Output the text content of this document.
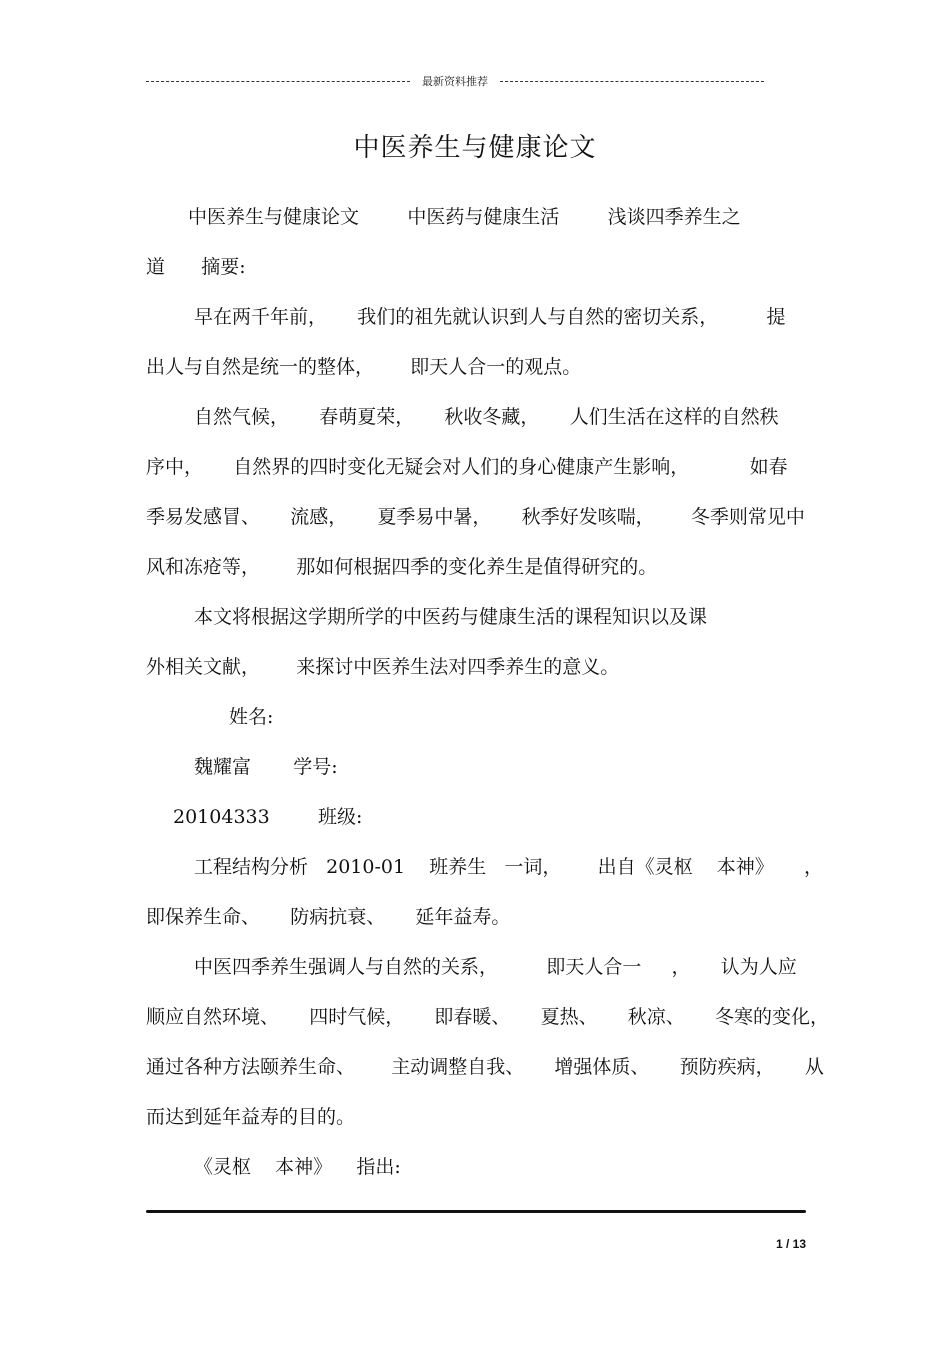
最新资料推荐
中医养生与健康论文
中医养生与健康论文        中医药与健康生活        浅谈四季养生之
道      摘要:
早在两千年前，     我们的祖先就认识到人与自然的密切关系，        提
出人与自然是统一的整体，      即天人合一的观点。
自然气候，     春萌夏荣，     秋收冬藏，     人们生活在这样的自然秩
序中，     自然界的四时变化无疑会对人们的身心健康产生影响，          如春
季易发感冒、     流感，     夏季易中暑，     秋季好发咳喘，      冬季则常见中
风和冻疮等，      那如何根据四季的变化养生是值得研究的。
本文将根据这学期所学的中医药与健康生活的课程知识以及课
外相关文献，      来探讨中医养生法对四季养生的意义。
姓名:
魏耀富       学号:
20104333        班级:
工程结构分析   2010-01    班养生   一词，      出自《灵枢    本神》     ，
即保养生命、     防病抗衰、     延年益寿。
中医四季养生强调人与自然的关系，        即天人合一     ，     认为人应
顺应自然环境、     四时气候，     即春暖、     夏热、     秋凉、     冬寒的变化，
通过各种方法颐养生命、      主动调整自我、     增强体质、     预防疾病，     从
而达到延年益寿的目的。
《灵枢    本神》    指出:
1 / 13
